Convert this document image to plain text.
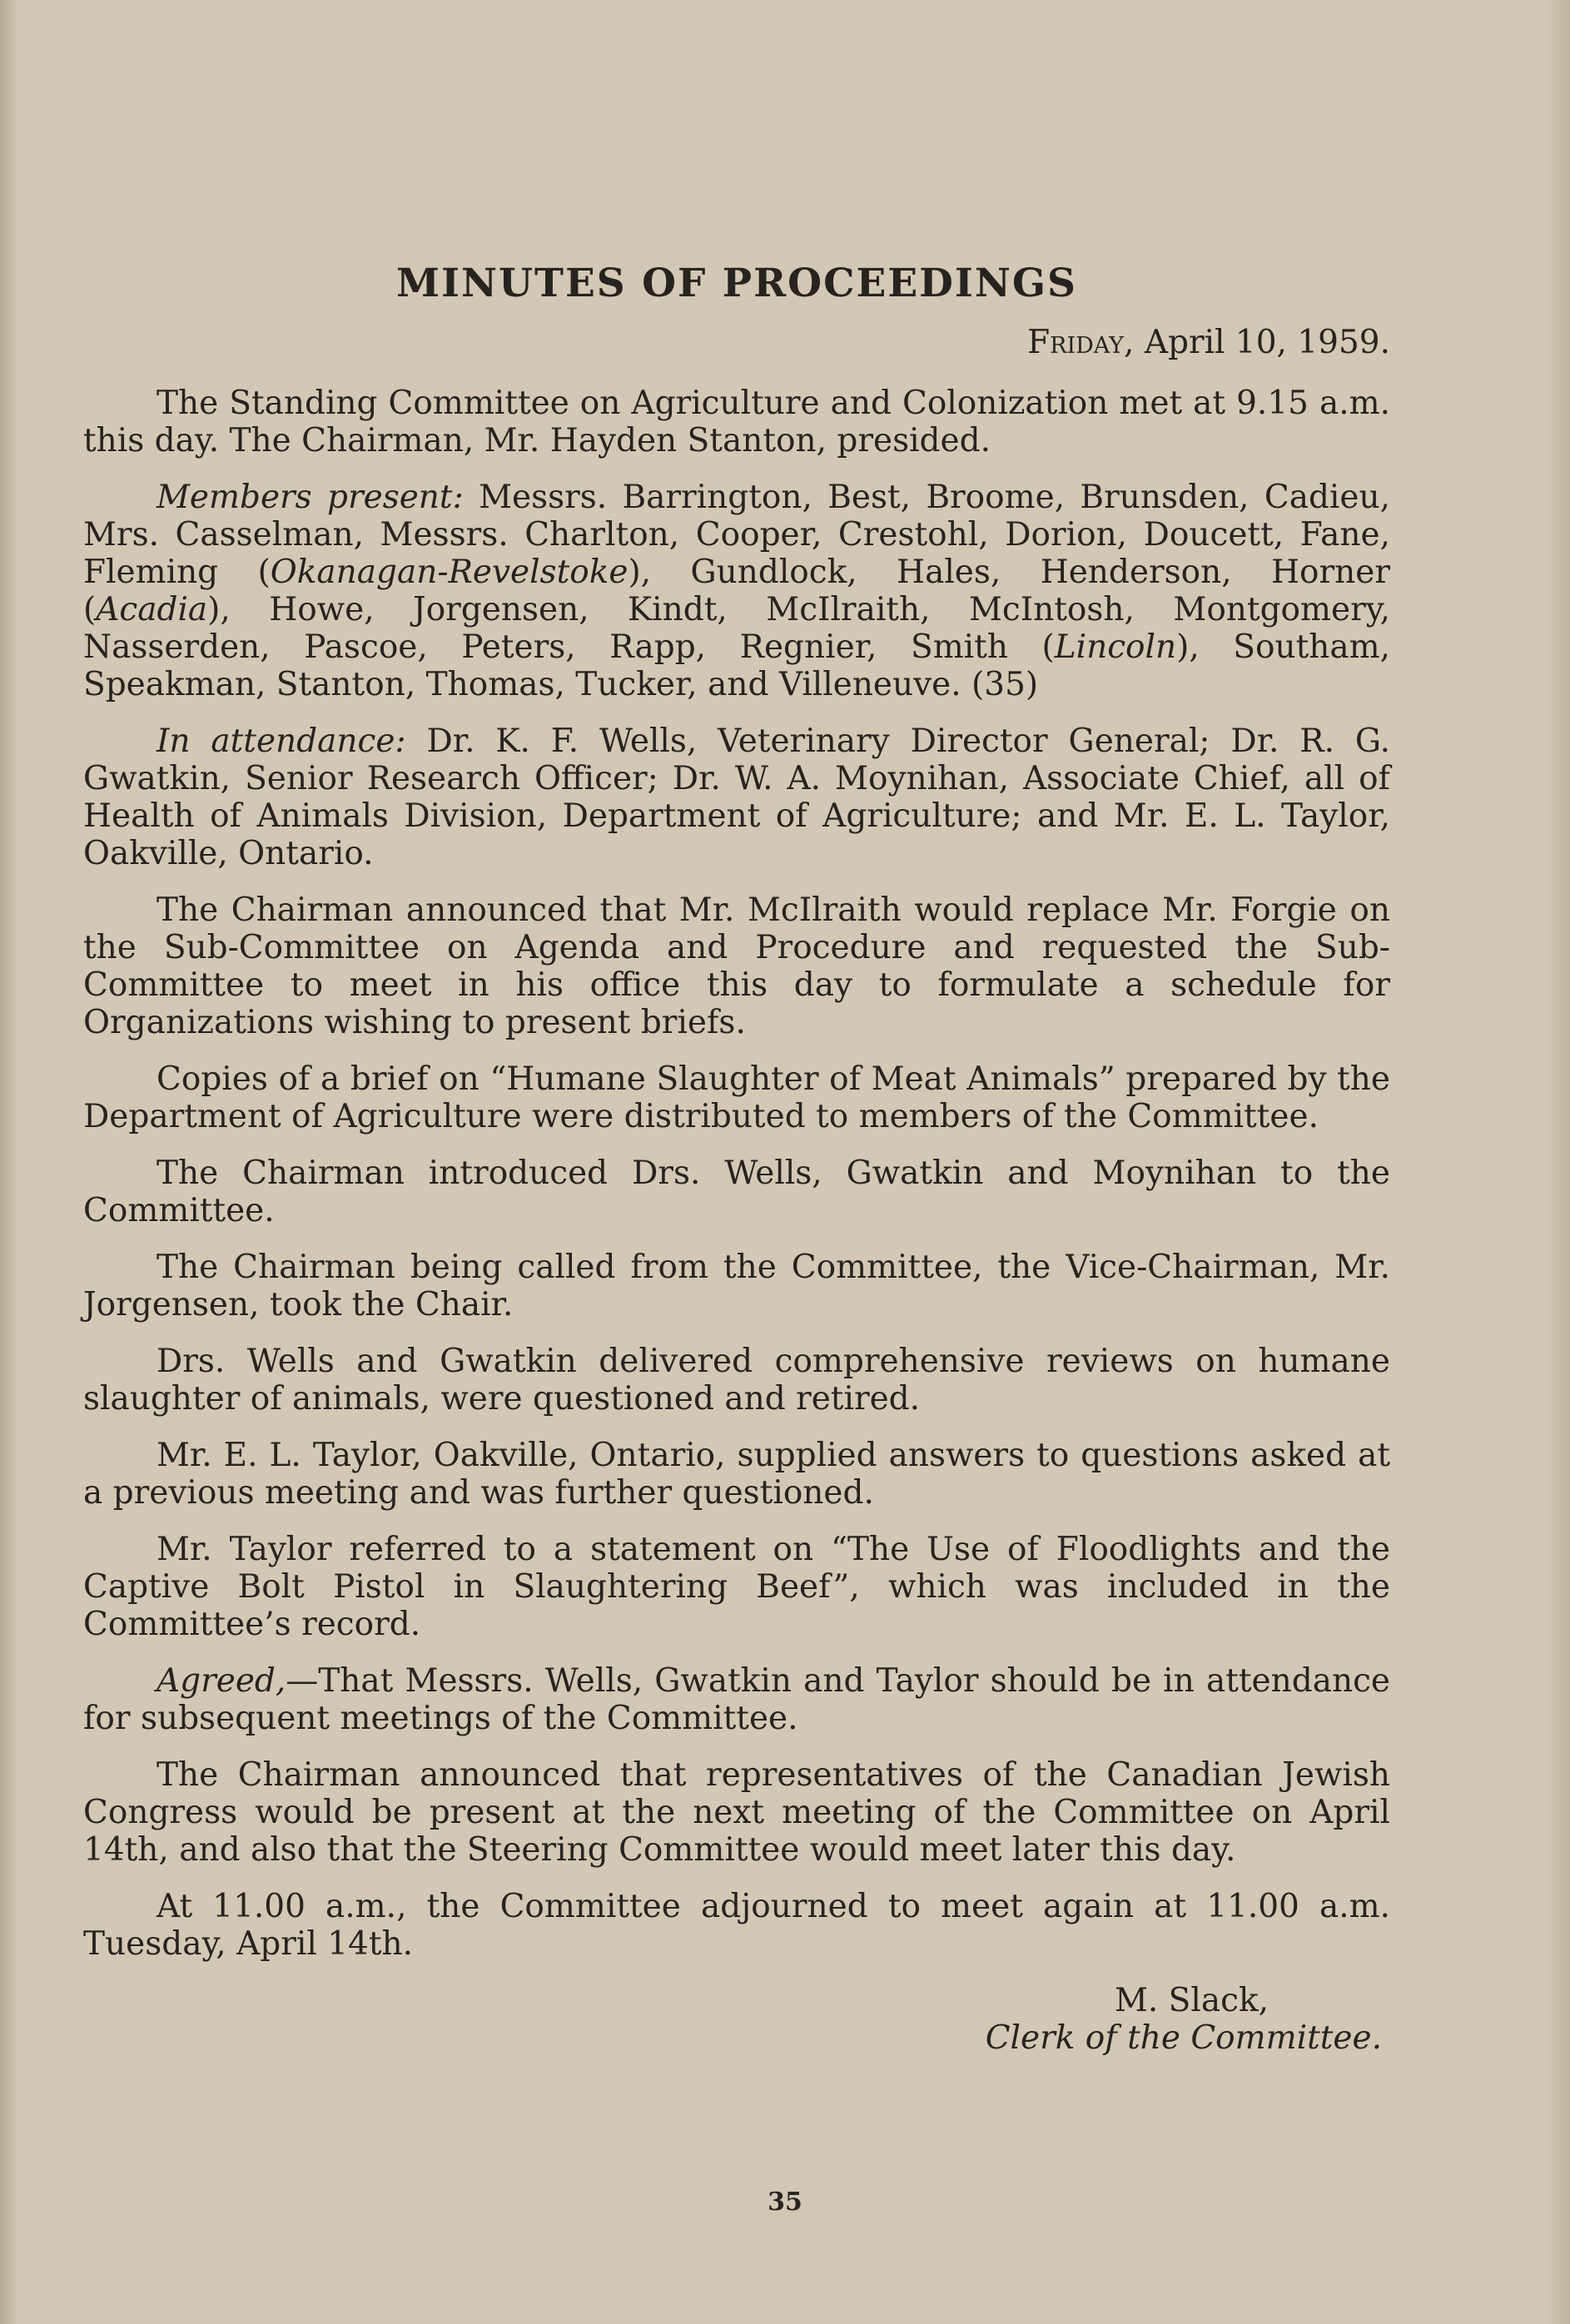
MINUTES OF PROCEEDINGS
Friday, April 10, 1959.

The Standing Committee on Agriculture and Colonization met at 9.15 a.m. this day. The Chairman, Mr. Hayden Stanton, presided.

Members present: Messrs. Barrington, Best, Broome, Brunsden, Cadieu, Mrs. Casselman, Messrs. Charlton, Cooper, Crestohl, Dorion, Doucett, Fane, Fleming (Okanagan-Revelstoke), Gundlock, Hales, Henderson, Horner (Acadia), Howe, Jorgensen, Kindt, McIlraith, McIntosh, Montgomery, Nasserden, Pascoe, Peters, Rapp, Regnier, Smith (Lincoln), Southam, Speakman, Stanton, Thomas, Tucker, and Villeneuve. (35)

In attendance: Dr. K. F. Wells, Veterinary Director General; Dr. R. G. Gwatkin, Senior Research Officer; Dr. W. A. Moynihan, Associate Chief, all of Health of Animals Division, Department of Agriculture; and Mr. E. L. Taylor, Oakville, Ontario.

The Chairman announced that Mr. McIlraith would replace Mr. Forgie on the Sub-Committee on Agenda and Procedure and requested the Sub-Committee to meet in his office this day to formulate a schedule for Organizations wishing to present briefs.

Copies of a brief on “Humane Slaughter of Meat Animals” prepared by the Department of Agriculture were distributed to members of the Committee.

The Chairman introduced Drs. Wells, Gwatkin and Moynihan to the Committee.

The Chairman being called from the Committee, the Vice-Chairman, Mr. Jorgensen, took the Chair.

Drs. Wells and Gwatkin delivered comprehensive reviews on humane slaughter of animals, were questioned and retired.

Mr. E. L. Taylor, Oakville, Ontario, supplied answers to questions asked at a previous meeting and was further questioned.

Mr. Taylor referred to a statement on “The Use of Floodlights and the Captive Bolt Pistol in Slaughtering Beef”, which was included in the Committee’s record.

Agreed,—That Messrs. Wells, Gwatkin and Taylor should be in attendance for subsequent meetings of the Committee.

The Chairman announced that representatives of the Canadian Jewish Congress would be present at the next meeting of the Committee on April 14th, and also that the Steering Committee would meet later this day.

At 11.00 a.m., the Committee adjourned to meet again at 11.00 a.m. Tuesday, April 14th.

M. Slack,
Clerk of the Committee.
35
